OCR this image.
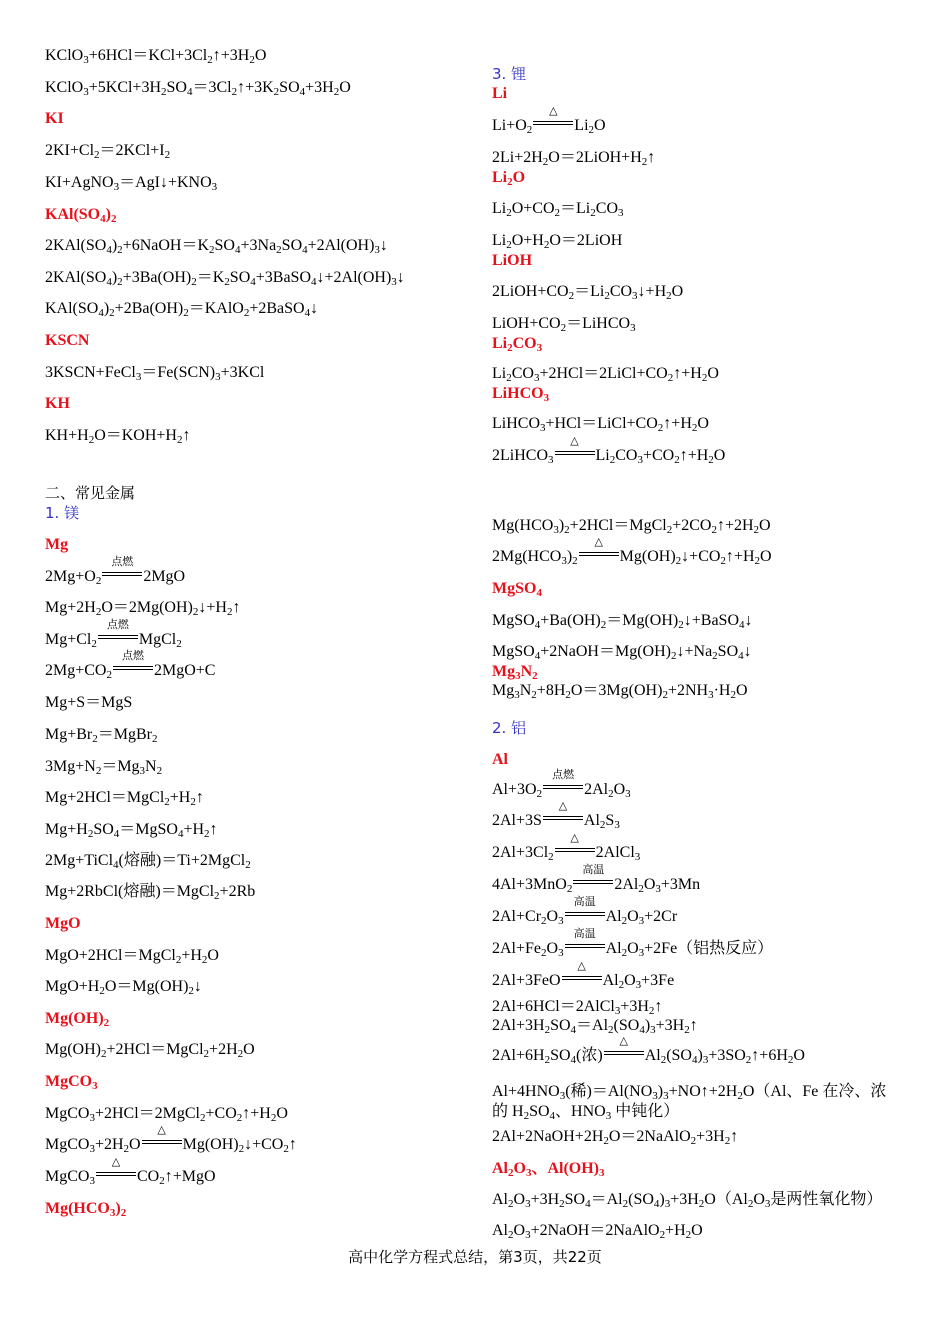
$KClO_3+6HCl=KCl+3Cl_2↑+3H_2O$
$KClO_3+5KCl+3H_2SO_4=3Cl_2↑+3K_2SO_4+3H_2O$
KI
$2KI+Cl_2=2KCl+I_2$
$KI+AgNO_3=AgI↓+KNO_3$
$KAl(SO_4)_2$
$2KAl(SO_4)_2+6NaOH=K_2SO_4+3Na_2SO_4+2Al(OH)_3↓$
$2KAl(SO_4)_2+3Ba(OH)_2=K_2SO_4+3BaSO_4↓+2Al(OH)_3↓$
$KAl(SO_4)_2+2Ba(OH)_2=KAlO_2+2BaSO_4↓$
KSCN
$3KSCN+FeCl_3=Fe(SCN)_3+3KCl$
KH
$KH+H_2O=KOH+H_2↑$
二、常见金属
1. 镁
Mg
$2Mg+O_2$
点燃
2MgO
$Mg+2H_2O=2Mg(OH)_2↓+H_2↑$
$Mg+Cl_2$
点燃
MgCl$_2$
$2Mg+CO_2$
点燃
2MgO+C
Mg+S＝MgS
$Mg+Br_2=MgBr_2$
$3Mg+N_2=Mg_3N_2$
$Mg+2HCl=MgCl_2+H_2↑$
$Mg+H_2SO_4=MgSO_4+H_2↑$
2Mg+TiCl$_4$(熔融)＝Ti+2MgCl$_2$
Mg+2RbCl(熔融)＝MgCl$_2$+2Rb
MgO
$MgO+2HCl=MgCl_2+H_2O$
$MgO+H_2O=Mg(OH)_2↓$
$Mg(OH)_2$
$Mg(OH)_2+2HCl=MgCl_2+2H_2O$
MgCO$_3$
$MgCO_3+2HCl=2MgCl_2+CO_2↑+H_2O$
$MgCO_3+2H_2O$
△
$Mg(OH)_2↓+CO_2↑$
MgCO$_3$
△
$CO_2↑+MgO$
$Mg(HCO_3)_2$
3. 锂
Li
$Li+O_2$
△
$Li_2O$
$2Li+2H_2O=2LiOH+H_2↑$
$Li_2O$
$Li_2O+CO_2=Li_2CO_3$
$Li_2O+H_2O=2LiOH$
LiOH
$2LiOH+CO_2=Li_2CO_3↓+H_2O$
$LiOH+CO_2=LiHCO_3$
$Li_2CO_3$
$Li_2CO_3+2HCl=2LiCl+CO_2↑+H_2O$
LiHCO$_3$
$LiHCO_3+HCl=LiCl+CO_2↑+H_2O$
2LiHCO$_3$
△
$Li_2CO_3+CO_2↑+H_2O$
$Mg(HCO_3)_2+2HCl=MgCl_2+2CO_2↑+2H_2O$
$2Mg(HCO_3)_2$
△
$Mg(OH)_2↓+CO_2↑+H_2O$
MgSO$_4$
$MgSO_4+Ba(OH)_2=Mg(OH)_2↓+BaSO_4↓$
$MgSO_4+2NaOH=Mg(OH)_2↓+Na_2SO_4↓$
$Mg_3N_2$
$Mg_3N_2+8H_2O=3Mg(OH)_2+2NH_3\cdot H_2O$
2. 铝
Al
$Al+3O_2$
点燃
$2Al_2O_3$
2Al+3S
△
$Al_2S_3$
$2Al+3Cl_2$
△
2AlCl$_3$
4Al+3MnO$_2$
高温
$2Al_2O_3+3Mn$
$2Al+Cr_2O_3$
高温
$Al_2O_3+2Cr$
$2Al+Fe_2O_3$
高温
$Al_2O_3+2Fe$（铝热反应）
2Al+3FeO
△
$Al_2O_3+3Fe$
$2Al+6HCl=2AlCl_3+3H_2↑$
$2Al+3H_2SO_4=Al_2(SO_4)_3+3H_2↑$
$2Al+6H_2SO_4$(浓)
△
$Al_2(SO_4)_3+3SO_2↑+6H_2O$
$Al+4HNO_3$(稀)$=Al(NO_3)_3+NO↑+2H_2O(Al$、Fe 在冷、浓
的 $H_2SO_4$、$HNO_3$ 中钝化）
$2Al+2NaOH+2H_2O=2NaAlO_2+3H_2↑$
$Al_2O_3$、$Al(OH)_3$
$Al_2O_3+3H_2SO_4=Al_2(SO_4)_3+3H_2O(Al_2O_3$是两性氧化物）
$Al_2O_3+2NaOH=2NaAlO_2+H_2O$
高中化学方程式总结，第3页，共22页
